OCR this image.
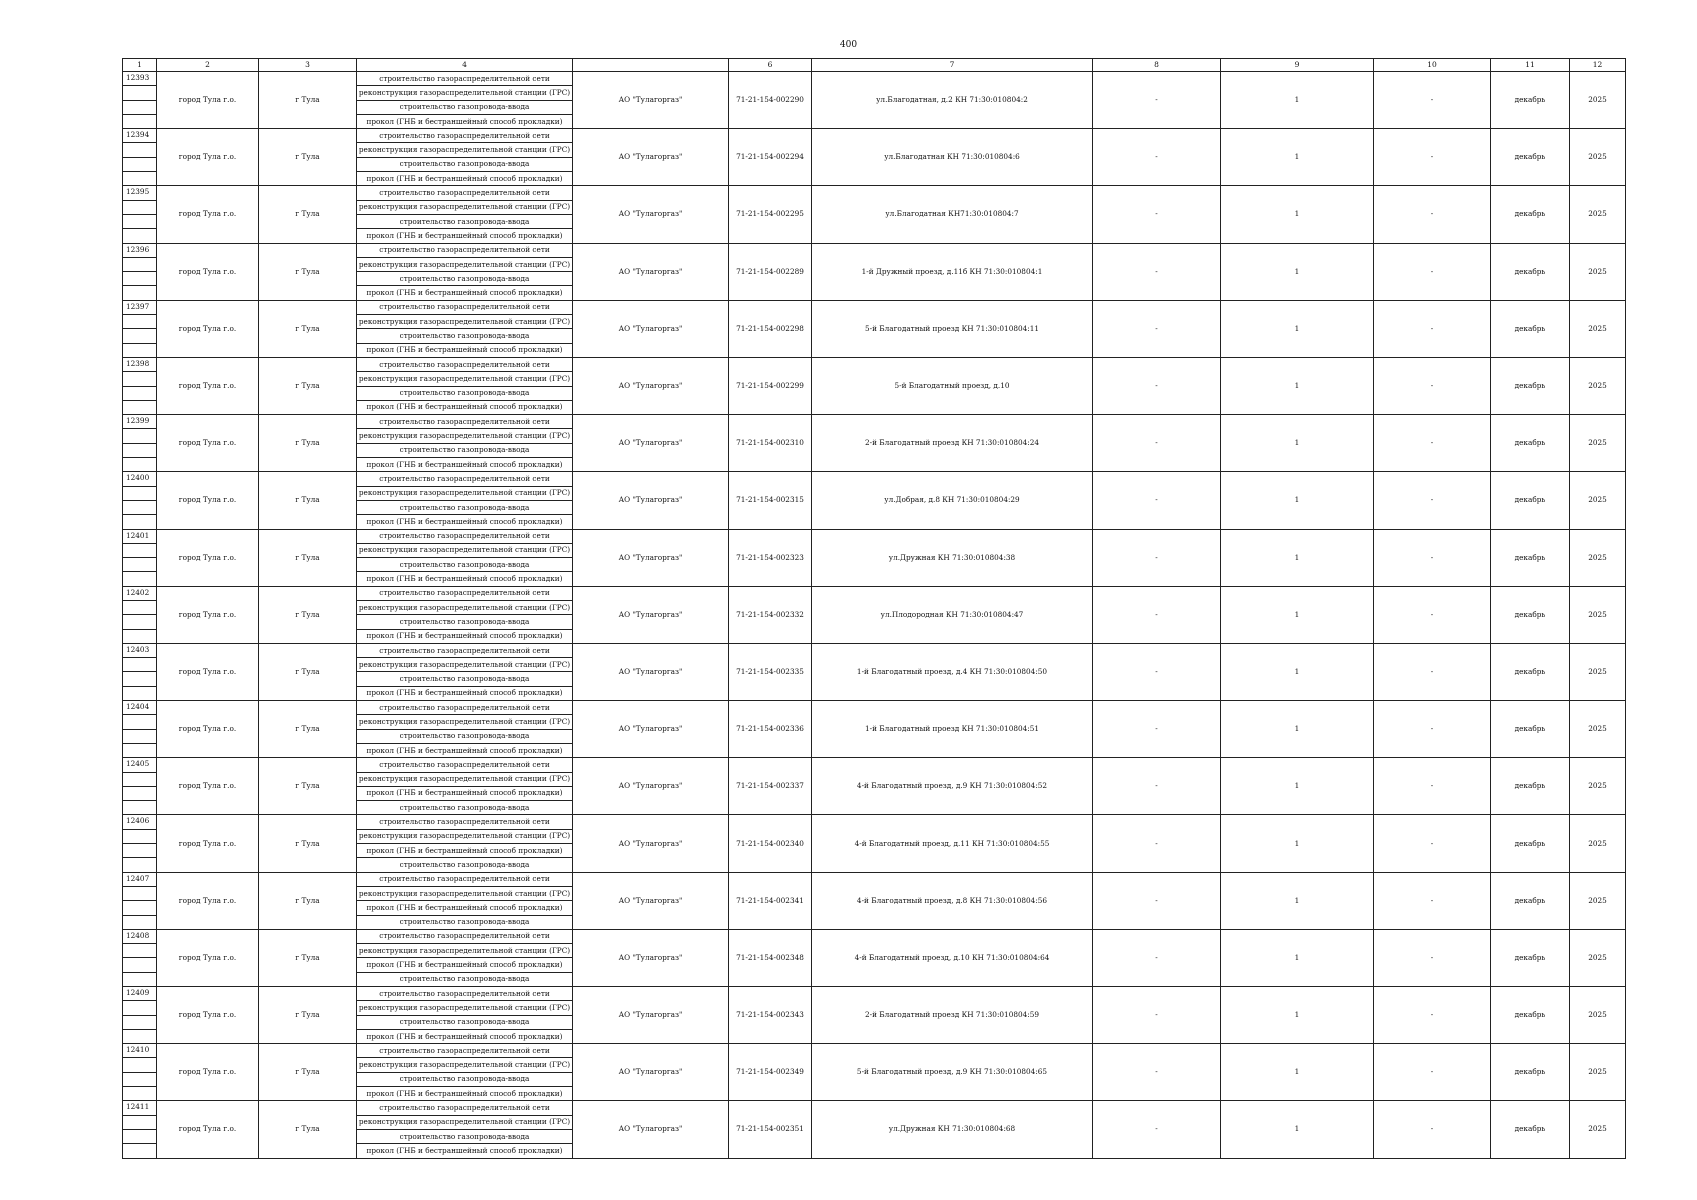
400
1	2	3	4		6	7	8	9	10	11	12
12393	город Тула г.о.	г Тула	строительство газораспределительной сети	АО "Тулагоргаз"	71-21-154-002290	ул.Благодатная, д.2 КН 71:30:010804:2	-	1	-	декабрь	2025
			реконструкция газораспределительной станции (ГРС)								
			строительство газопровода-ввода								
			прокол (ГНБ и бестраншейный способ прокладки)								
12394	город Тула г.о.	г Тула	строительство газораспределительной сети	АО "Тулагоргаз"	71-21-154-002294	ул.Благодатная КН 71:30:010804:6	-	1	-	декабрь	2025
			реконструкция газораспределительной станции (ГРС)								
			строительство газопровода-ввода								
			прокол (ГНБ и бестраншейный способ прокладки)								
12395	город Тула г.о.	г Тула	строительство газораспределительной сети	АО "Тулагоргаз"	71-21-154-002295	ул.Благодатная КН71:30:010804:7	-	1	-	декабрь	2025
			реконструкция газораспределительной станции (ГРС)								
			строительство газопровода-ввода								
			прокол (ГНБ и бестраншейный способ прокладки)								
12396	город Тула г.о.	г Тула	строительство газораспределительной сети	АО "Тулагоргаз"	71-21-154-002289	1-й Дружный проезд, д.11б КН 71:30:010804:1	-	1	-	декабрь	2025
			реконструкция газораспределительной станции (ГРС)								
			строительство газопровода-ввода								
			прокол (ГНБ и бестраншейный способ прокладки)								
12397	город Тула г.о.	г Тула	строительство газораспределительной сети	АО "Тулагоргаз"	71-21-154-002298	5-й Благодатный проезд КН 71:30:010804:11	-	1	-	декабрь	2025
			реконструкция газораспределительной станции (ГРС)								
			строительство газопровода-ввода								
			прокол (ГНБ и бестраншейный способ прокладки)								
12398	город Тула г.о.	г Тула	строительство газораспределительной сети	АО "Тулагоргаз"	71-21-154-002299	5-й Благодатный проезд, д.10	-	1	-	декабрь	2025
			реконструкция газораспределительной станции (ГРС)								
			строительство газопровода-ввода								
			прокол (ГНБ и бестраншейный способ прокладки)								
12399	город Тула г.о.	г Тула	строительство газораспределительной сети	АО "Тулагоргаз"	71-21-154-002310	2-й Благодатный проезд КН 71:30:010804:24	-	1	-	декабрь	2025
			реконструкция газораспределительной станции (ГРС)								
			строительство газопровода-ввода								
			прокол (ГНБ и бестраншейный способ прокладки)								
12400	город Тула г.о.	г Тула	строительство газораспределительной сети	АО "Тулагоргаз"	71-21-154-002315	ул.Добрая, д.8 КН 71:30:010804:29	-	1	-	декабрь	2025
			реконструкция газораспределительной станции (ГРС)								
			строительство газопровода-ввода								
			прокол (ГНБ и бестраншейный способ прокладки)								
12401	город Тула г.о.	г Тула	строительство газораспределительной сети	АО "Тулагоргаз"	71-21-154-002323	ул.Дружная КН 71:30:010804:38	-	1	-	декабрь	2025
			реконструкция газораспределительной станции (ГРС)								
			строительство газопровода-ввода								
			прокол (ГНБ и бестраншейный способ прокладки)								
12402	город Тула г.о.	г Тула	строительство газораспределительной сети	АО "Тулагоргаз"	71-21-154-002332	ул.Плодородная КН 71:30:010804:47	-	1	-	декабрь	2025
			реконструкция газораспределительной станции (ГРС)								
			строительство газопровода-ввода								
			прокол (ГНБ и бестраншейный способ прокладки)								
12403	город Тула г.о.	г Тула	строительство газораспределительной сети	АО "Тулагоргаз"	71-21-154-002335	1-й Благодатный проезд, д.4 КН 71:30:010804:50	-	1	-	декабрь	2025
			реконструкция газораспределительной станции (ГРС)								
			строительство газопровода-ввода								
			прокол (ГНБ и бестраншейный способ прокладки)								
12404	город Тула г.о.	г Тула	строительство газораспределительной сети	АО "Тулагоргаз"	71-21-154-002336	1-й Благодатный проезд КН 71:30:010804:51	-	1	-	декабрь	2025
			реконструкция газораспределительной станции (ГРС)								
			строительство газопровода-ввода								
			прокол (ГНБ и бестраншейный способ прокладки)								
12405	город Тула г.о.	г Тула	строительство газораспределительной сети	АО "Тулагоргаз"	71-21-154-002337	4-й Благодатный проезд, д.9 КН 71:30:010804:52	-	1	-	декабрь	2025
			реконструкция газораспределительной станции (ГРС)								
			прокол (ГНБ и бестраншейный способ прокладки)								
			строительство газопровода-ввода								
12406	город Тула г.о.	г Тула	строительство газораспределительной сети	АО "Тулагоргаз"	71-21-154-002340	4-й Благодатный проезд, д.11 КН 71:30:010804:55	-	1	-	декабрь	2025
			реконструкция газораспределительной станции (ГРС)								
			прокол (ГНБ и бестраншейный способ прокладки)								
			строительство газопровода-ввода								
12407	город Тула г.о.	г Тула	строительство газораспределительной сети	АО "Тулагоргаз"	71-21-154-002341	4-й Благодатный проезд, д.8 КН 71:30:010804:56	-	1	-	декабрь	2025
			реконструкция газораспределительной станции (ГРС)								
			прокол (ГНБ и бестраншейный способ прокладки)								
			строительство газопровода-ввода								
12408	город Тула г.о.	г Тула	строительство газораспределительной сети	АО "Тулагоргаз"	71-21-154-002348	4-й Благодатный проезд, д.10 КН 71:30:010804:64	-	1	-	декабрь	2025
			реконструкция газораспределительной станции (ГРС)								
			прокол (ГНБ и бестраншейный способ прокладки)								
			строительство газопровода-ввода								
12409	город Тула г.о.	г Тула	строительство газораспределительной сети	АО "Тулагоргаз"	71-21-154-002343	2-й Благодатный проезд КН 71:30:010804:59	-	1	-	декабрь	2025
			реконструкция газораспределительной станции (ГРС)								
			строительство газопровода-ввода								
			прокол (ГНБ и бестраншейный способ прокладки)								
12410	город Тула г.о.	г Тула	строительство газораспределительной сети	АО "Тулагоргаз"	71-21-154-002349	5-й Благодатный проезд, д.9 КН 71:30:010804:65	-	1	-	декабрь	2025
			реконструкция газораспределительной станции (ГРС)								
			строительство газопровода-ввода								
			прокол (ГНБ и бестраншейный способ прокладки)								
12411	город Тула г.о.	г Тула	строительство газораспределительной сети	АО "Тулагоргаз"	71-21-154-002351	ул.Дружная КН 71:30:010804:68	-	1	-	декабрь	2025
			реконструкция газораспределительной станции (ГРС)								
			строительство газопровода-ввода								
			прокол (ГНБ и бестраншейный способ прокладки)								
